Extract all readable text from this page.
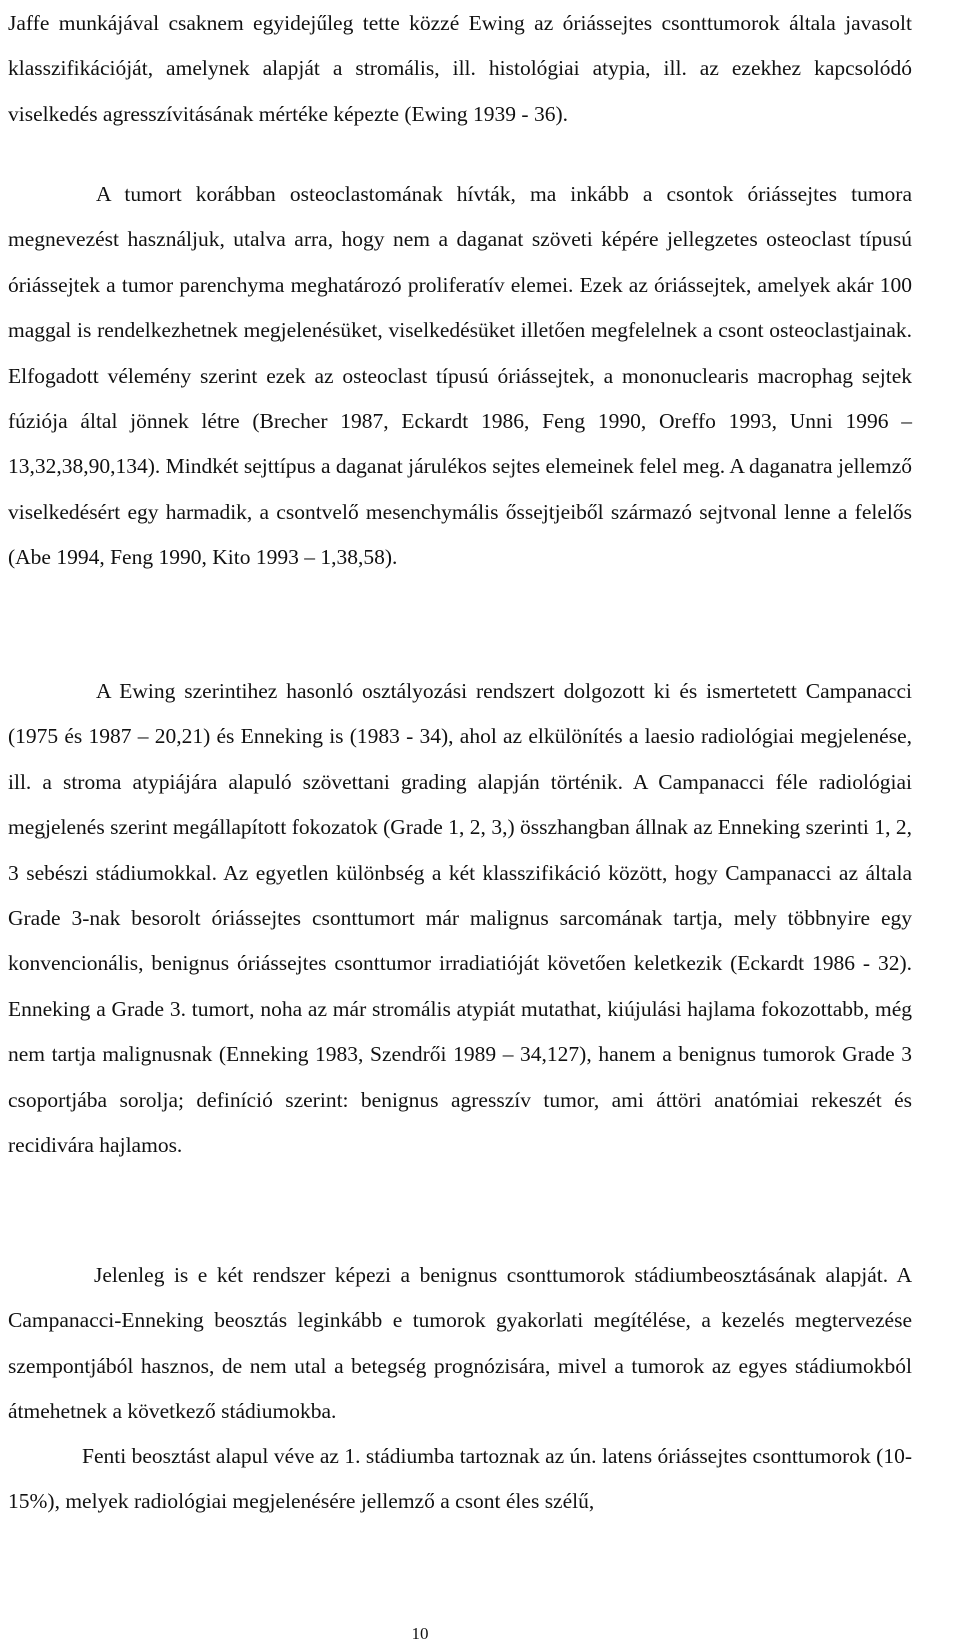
Jaffe munkájával csaknem egyidejűleg tette közzé Ewing az óriássejtes csonttumorok általa javasolt klasszifikációját, amelynek alapját a stromális, ill. histológiai atypia, ill. az ezekhez kapcsolódó viselkedés agresszívitásának mértéke képezte (Ewing 1939 - 36).

A tumort korábban osteoclastomának hívták, ma inkább a csontok óriássejtes tumora megnevezést használjuk, utalva arra, hogy nem a daganat szöveti képére jellegzetes osteoclast típusú óriássejtek a tumor parenchyma meghatározó proliferatív elemei. Ezek az óriássejtek, amelyek akár 100 maggal is rendelkezhetnek megjelenésüket, viselkedésüket illetően megfelelnek a csont osteoclastjainak. Elfogadott vélemény szerint ezek az osteoclast típusú óriássejtek, a mononuclearis macrophag sejtek fúziója által jönnek létre (Brecher 1987, Eckardt 1986, Feng 1990, Oreffo 1993, Unni 1996 – 13,32,38,90,134). Mindkét sejttípus a daganat járulékos sejtes elemeinek felel meg. A daganatra jellemző viselkedésért egy harmadik, a csontvelő mesenchymális őssejtjeiből származó sejtvonal lenne a felelős (Abe 1994, Feng 1990, Kito 1993 – 1,38,58).

A Ewing szerintihez hasonló osztályozási rendszert dolgozott ki és ismertetett Campanacci (1975 és 1987 – 20,21) és Enneking is (1983 - 34), ahol az elkülönítés a laesio radiológiai megjelenése, ill. a stroma atypiájára alapuló szövettani grading alapján történik. A Campanacci féle radiológiai megjelenés szerint megállapított fokozatok (Grade 1, 2, 3,) összhangban állnak az Enneking szerinti 1, 2, 3 sebészi stádiumokkal. Az egyetlen különbség a két klasszifikáció között, hogy Campanacci az általa Grade 3-nak besorolt óriássejtes csonttumort már malignus sarcomának tartja, mely többnyire egy konvencionális, benignus óriássejtes csonttumor irradiatióját követően keletkezik (Eckardt 1986 - 32). Enneking a Grade 3. tumort, noha az már stromális atypiát mutathat, kiújulási hajlama fokozottabb, még nem tartja malignusnak (Enneking 1983, Szendrői 1989 – 34,127), hanem a benignus tumorok Grade 3 csoportjába sorolja; definíció szerint: benignus agresszív tumor, ami áttöri anatómiai rekeszét és recidivára hajlamos.

Jelenleg is e két rendszer képezi a benignus csonttumorok stádiumbeosztásának alapját. A Campanacci-Enneking beosztás leginkább e tumorok gyakorlati megítélése, a kezelés megtervezése szempontjából hasznos, de nem utal a betegség prognózisára, mivel a tumorok az egyes stádiumokból átmehetnek a következő stádiumokba.

Fenti beosztást alapul véve az 1. stádiumba tartoznak az ún. latens óriássejtes csonttumorok (10-15%), melyek radiológiai megjelenésére jellemző a csont éles szélű,

10
